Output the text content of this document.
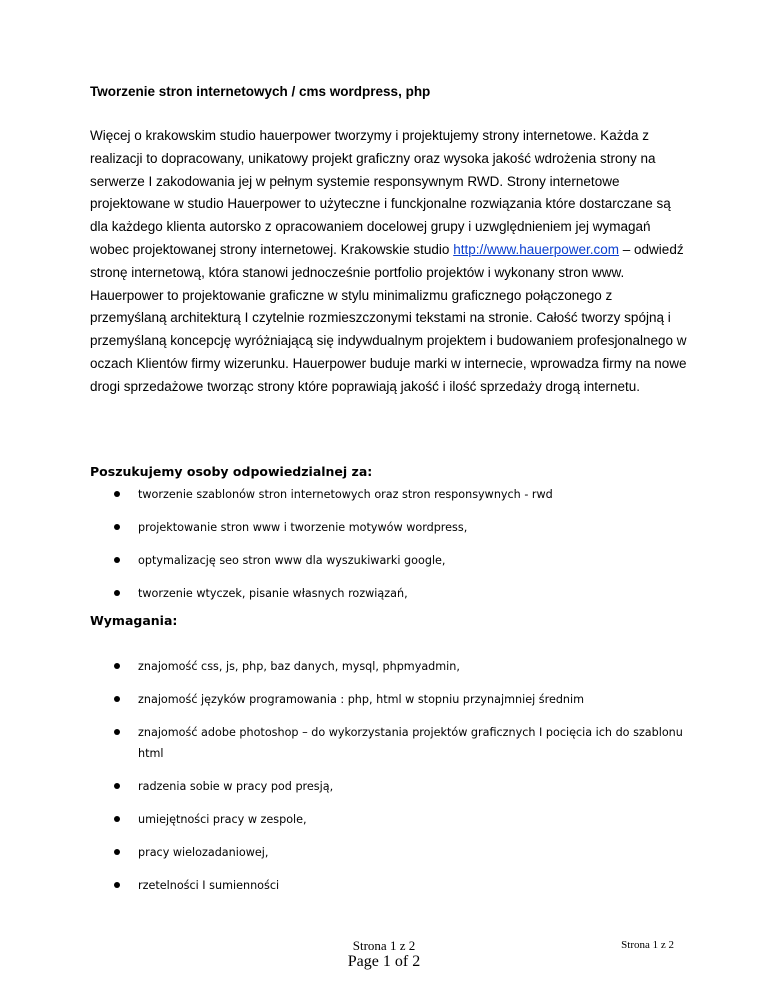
Tworzenie stron internetowych / cms wordpress, php
Więcej o krakowskim studio hauerpower tworzymy i projektujemy strony internetowe. Każda z realizacji to dopracowany, unikatowy projekt graficzny oraz wysoka jakość wdrożenia strony na serwerze I zakodowania jej w pełnym systemie responsywnym RWD. Strony internetowe projektowane w studio Hauerpower to użyteczne i funckjonalne rozwiązania które dostarczane są dla każdego klienta autorsko z opracowaniem docelowej grupy i uzwględnieniem jej wymagań wobec projektowanej strony internetowej. Krakowskie studio http://www.hauerpower.com – odwiedź stronę internetową, która stanowi jednocześnie portfolio projektów i wykonany stron www. Hauerpower to projektowanie graficzne w stylu minimalizmu graficznego połączonego z przemyślaną architekturą I czytelnie rozmieszczonymi tekstami na stronie. Całość tworzy spójną i przemyślaną koncepcję wyróżniającą się indywdualnym projektem i budowaniem profesjonalnego w oczach Klientów firmy wizerunku. Hauerpower buduje marki w internecie, wprowadza firmy na nowe drogi sprzedażowe tworząc strony które poprawiają jakość i ilość sprzedaży drogą internetu.
Poszukujemy osoby odpowiedzialnej za:
tworzenie szablonów stron internetowych oraz stron responsywnych - rwd
projektowanie stron www i tworzenie motywów wordpress,
optymalizację seo stron www dla wyszukiwarki google,
tworzenie wtyczek, pisanie własnych rozwiązań,
Wymagania:
znajomość css, js, php, baz danych, mysql, phpmyadmin,
znajomość języków programowania : php, html w stopniu przynajmniej średnim
znajomość adobe photoshop – do wykorzystania projektów graficznych I pocięcia ich do szablonu html
radzenia sobie w pracy pod presją,
umiejętności pracy w zespole,
pracy wielozadaniowej,
rzetelności I sumienności
Strona 1 z 2
Page 1 of 2
Strona 1 z 2
